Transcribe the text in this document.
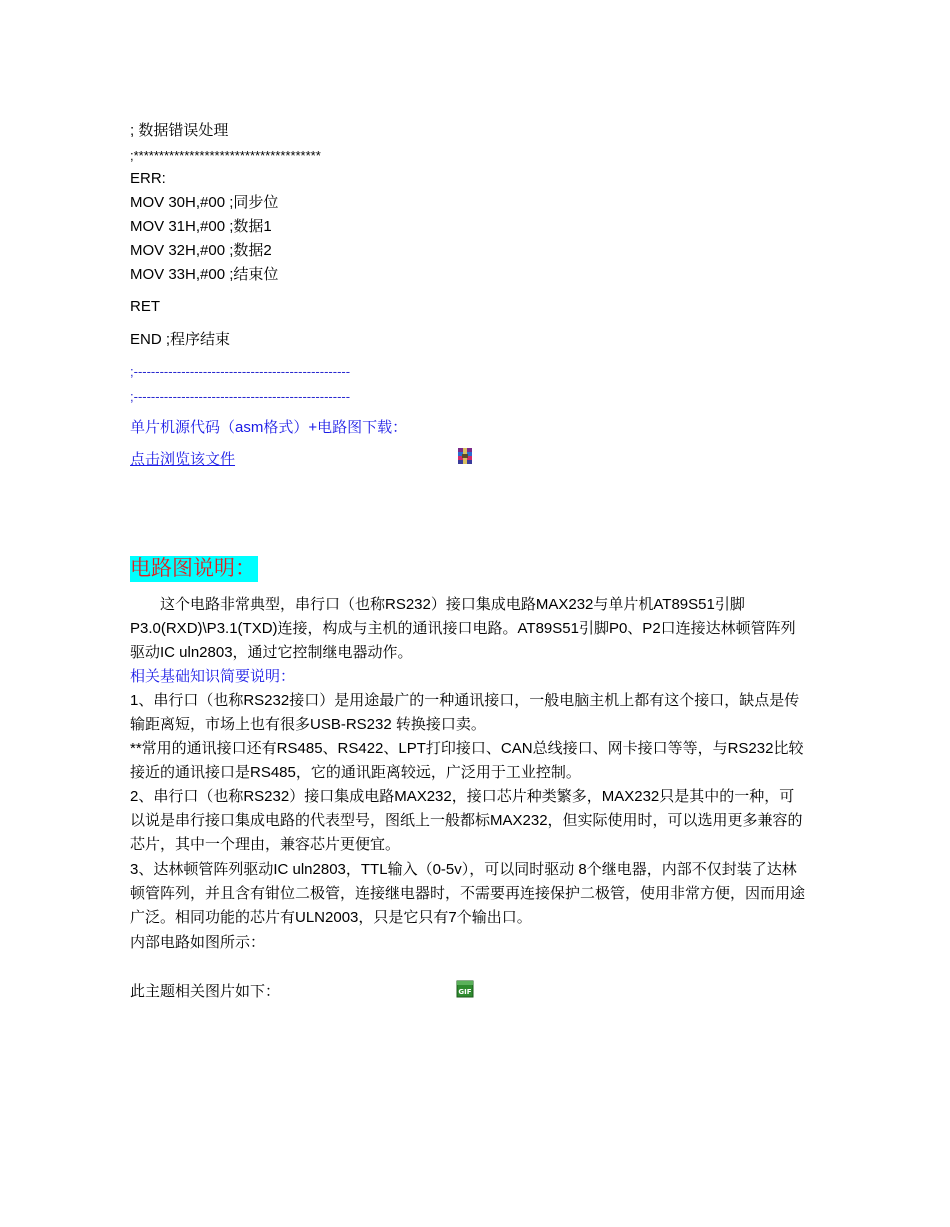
; 数据错误处理
;*************************************
ERR:
MOV 30H,#00 ;同步位
MOV 31H,#00 ;数据1
MOV 32H,#00 ;数据2
MOV 33H,#00 ;结束位
RET
END ;程序结束
;--------------------------------------------------
;--------------------------------------------------
单片机源代码（asm格式）+电路图下载：
点击浏览该文件
电路图说明：
　　这个电路非常典型，串行口（也称RS232）接口集成电路MAX232与单片机AT89S51引脚P3.0(RXD)\P3.1(TXD)连接，构成与主机的通讯接口电路。AT89S51引脚P0、P2口连接达林顿管阵列驱动IC uln2803，通过它控制继电器动作。
相关基础知识简要说明：
1、串行口（也称RS232接口）是用途最广的一种通讯接口，一般电脑主机上都有这个接口，缺点是传输距离短，市场上也有很多USB-RS232 转换接口卖。
**常用的通讯接口还有RS485、RS422、LPT打印接口、CAN总线接口、网卡接口等等，与RS232比较接近的通讯接口是RS485，它的通讯距离较远，广泛用于工业控制。
2、串行口（也称RS232）接口集成电路MAX232，接口芯片种类繁多，MAX232只是其中的一种，可以说是串行接口集成电路的代表型号，图纸上一般都标MAX232，但实际使用时，可以选用更多兼容的芯片，其中一个理由，兼容芯片更便宜。
3、达林顿管阵列驱动IC uln2803，TTL输入（0-5v），可以同时驱动 8个继电器，内部不仅封装了达林顿管阵列，并且含有钳位二极管，连接继电器时，不需要再连接保护二极管，使用非常方便，因而用途广泛。相同功能的芯片有ULN2003，只是它只有7个输出口。
内部电路如图所示：
此主题相关图片如下：	GIF
